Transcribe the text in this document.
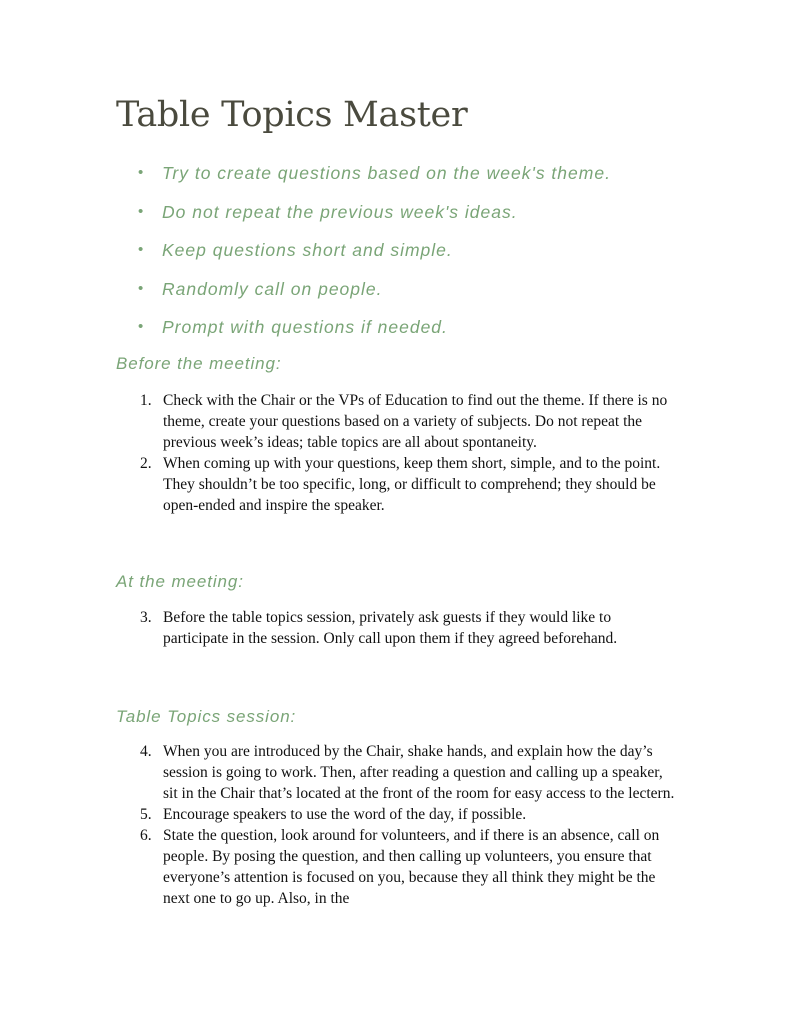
Table Topics Master
• Try to create questions based on the week's theme.
• Do not repeat the previous week's ideas.
• Keep questions short and simple.
• Randomly call on people.
• Prompt with questions if needed.
Before the meeting:
1. Check with the Chair or the VPs of Education to find out the theme. If there is no theme, create your questions based on a variety of subjects. Do not repeat the previous week’s ideas; table topics are all about spontaneity.
2. When coming up with your questions, keep them short, simple, and to the point. They shouldn’t be too specific, long, or difficult to comprehend; they should be open-ended and inspire the speaker.
At the meeting:
3. Before the table topics session, privately ask guests if they would like to participate in the session. Only call upon them if they agreed beforehand.
Table Topics session:
4. When you are introduced by the Chair, shake hands, and explain how the day’s session is going to work. Then, after reading a question and calling up a speaker, sit in the Chair that’s located at the front of the room for easy access to the lectern.
5. Encourage speakers to use the word of the day, if possible.
6. State the question, look around for volunteers, and if there is an absence, call on people. By posing the question, and then calling up volunteers, you ensure that everyone’s attention is focused on you, because they all think they might be the next one to go up. Also, in the
